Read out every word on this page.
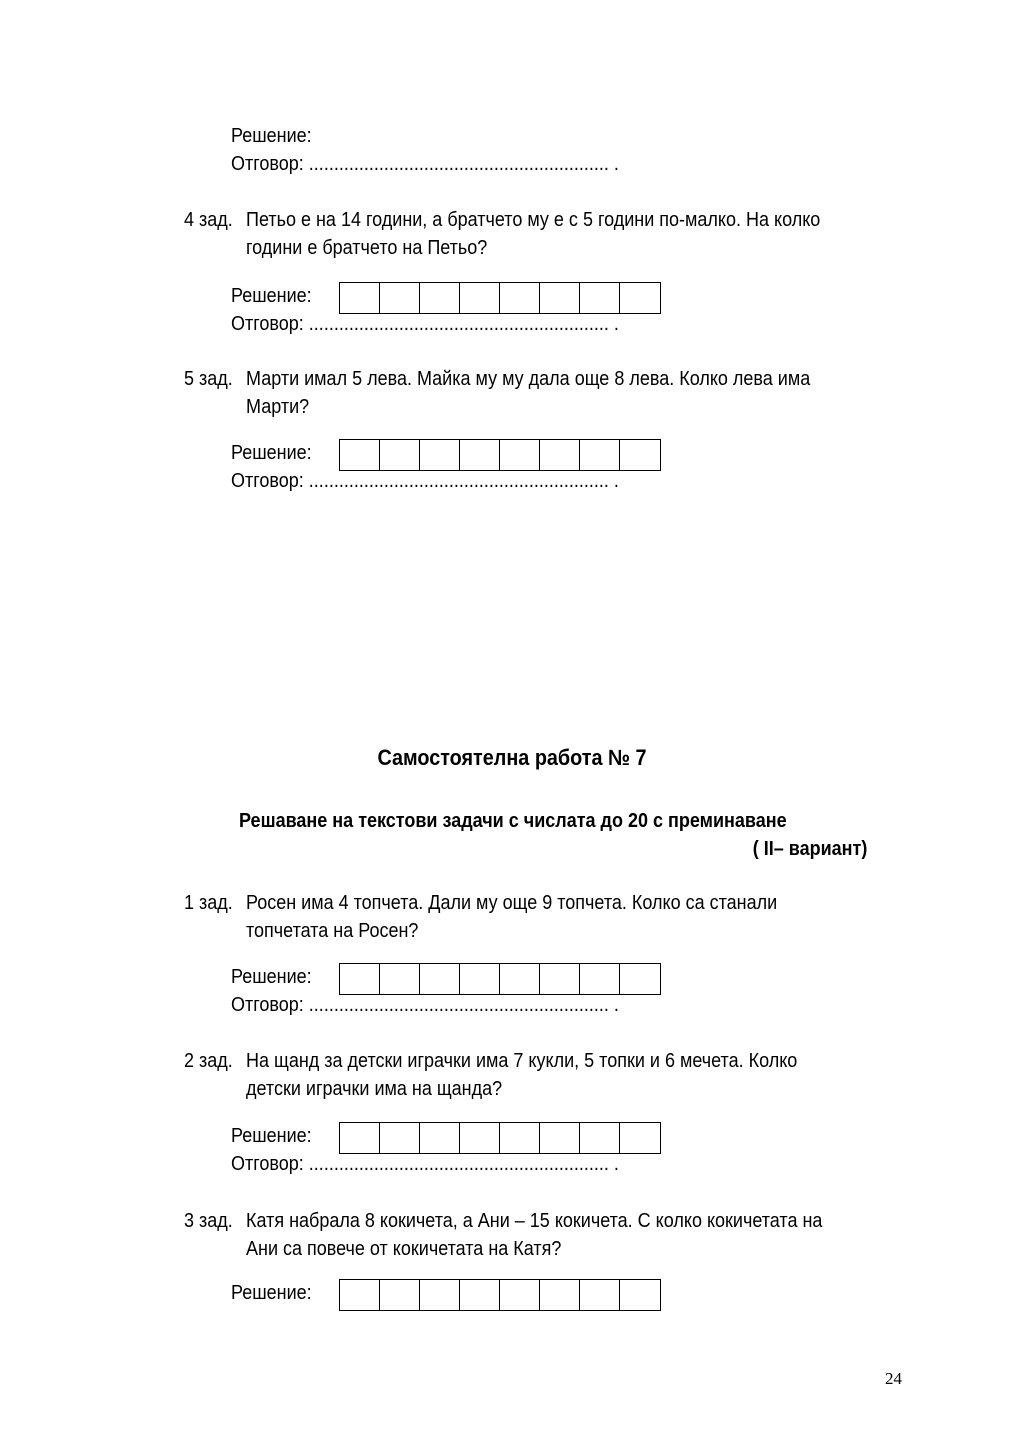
Решение:
Отговор: ............................................................ .
4 зад. Петьо е на 14 години, а братчето му е с 5 години по-малко. На колко
години е братчето на Петьо?
Решение:
Отговор: ............................................................ .
5 зад. Марти имал 5 лева. Майка му му дала още 8 лева. Колко лева има
Марти?
Решение:
Отговор: ............................................................ .
Самостоятелна работа № 7
Решаване на текстови задачи с числата до 20 с преминаване
( II– вариант)
1 зад. Росен има 4 топчета. Дали му още 9 топчета. Колко са станали
топчетата на Росен?
Решение:
Отговор: ............................................................ .
2 зад. На щанд за детски играчки има 7 кукли, 5 топки и 6 мечета. Колко
детски играчки има на щанда?
Решение:
Отговор: ............................................................ .
3 зад. Катя набрала 8 кокичета, а Ани – 15 кокичета. С колко кокичетата на
Ани са повече от кокичетата на Катя?
Решение:
24
